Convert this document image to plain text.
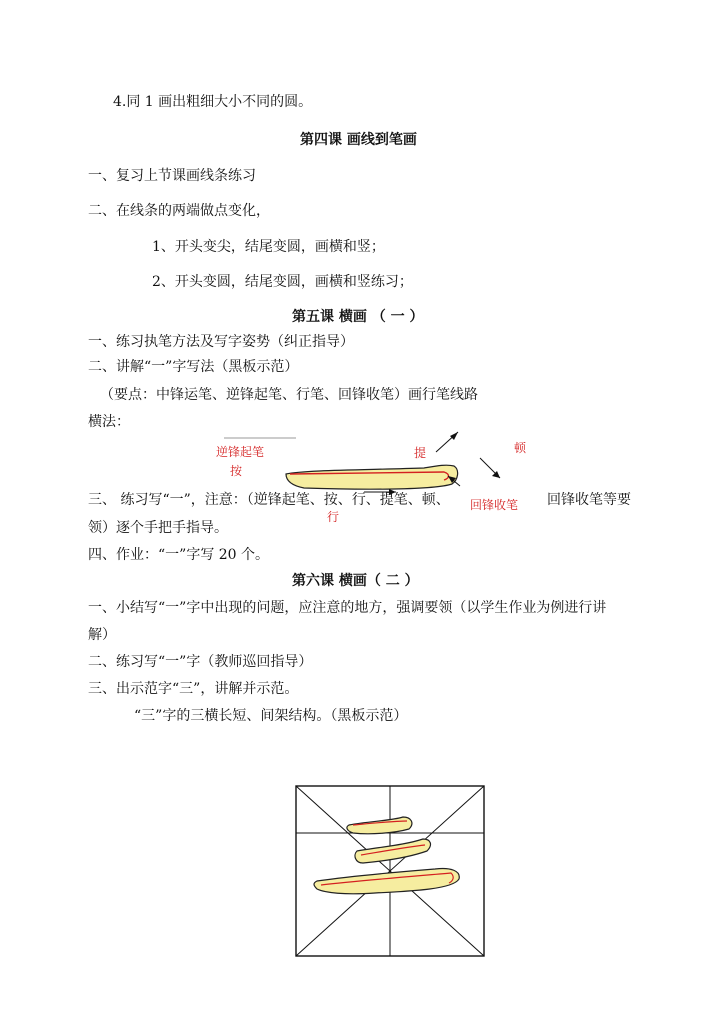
4.同 1 画出粗细大小不同的圆。
第四课 画线到笔画
一、复习上节课画线条练习
二、在线条的两端做点变化，
1、开头变尖，结尾变圆，画横和竖；
2、开头变圆，结尾变圆，画横和竖练习；
第五课 横画 （ 一 ）
一、练习执笔方法及写字姿势（纠正指导）
二、讲解“一”字写法（黑板示范）
（要点：中锋运笔、逆锋起笔、行笔、回锋收笔）画行笔线路
横法：
逆锋起笔
按
提	顿
行
三、 练习写“一”，注意：（逆锋起笔、按、行、提笔、顿、 回锋收笔 回锋收笔等要
领）逐个手把手指导。
四、作业：“一”字写 20 个。
第六课 横画（ 二 ）
一、小结写“一”字中出现的问题，应注意的地方，强调要领（以学生作业为例进行讲
解）
二、练习写“一”字（教师巡回指导）
三、出示范字“三”，讲解并示范。
“三”字的三横长短、间架结构。（黑板示范）
